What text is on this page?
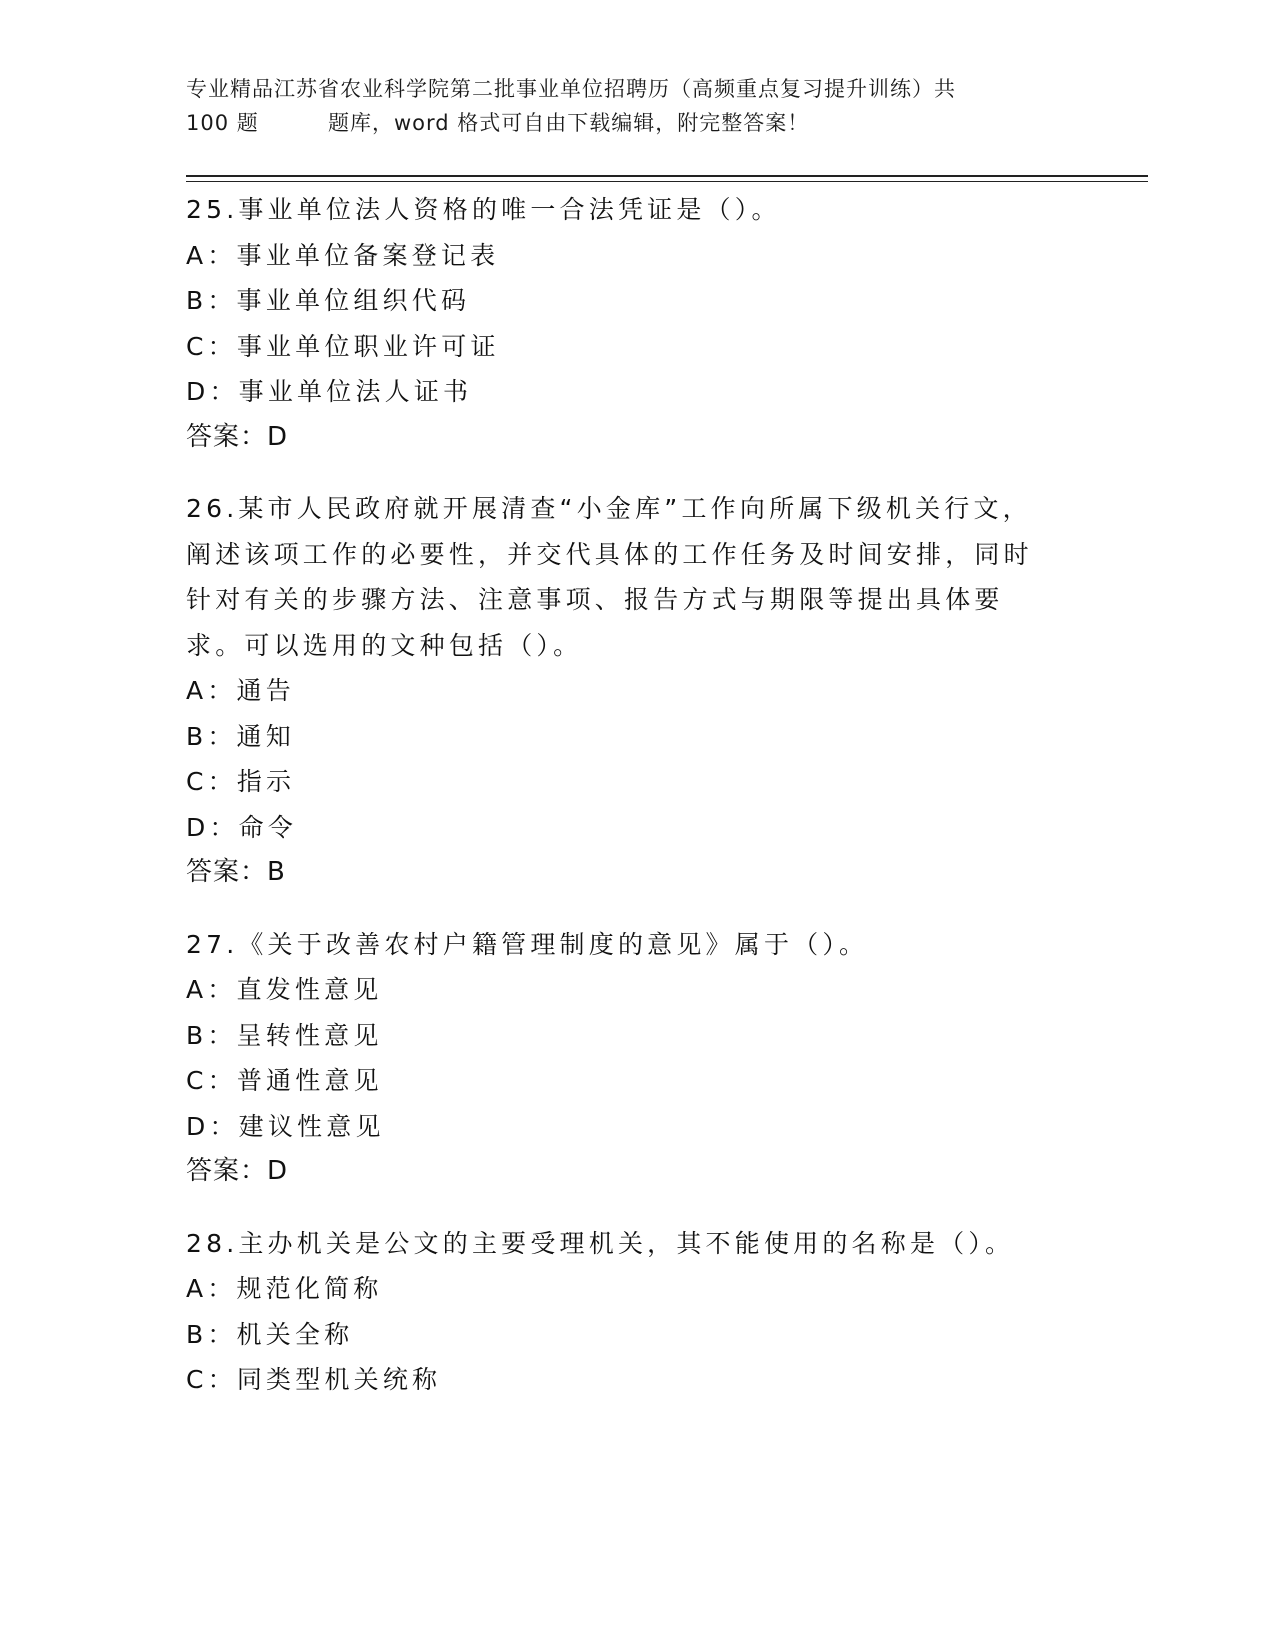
专业精品江苏省农业科学院第二批事业单位招聘历（高频重点复习提升训练）共
100 题	题库，word 格式可自由下载编辑，附完整答案！

25.事业单位法人资格的唯一合法凭证是（）。

A：事业单位备案登记表

B：事业单位组织代码

C：事业单位职业许可证

D：事业单位法人证书

答案：D

26.某市人民政府就开展清查“小金库”工作向所属下级机关行文，阐述该项工作的必要性，并交代具体的工作任务及时间安排，同时针对有关的步骤方法、注意事项、报告方式与期限等提出具体要求。可以选用的文种包括（）。

A：通告

B：通知

C：指示

D：命令

答案：B

27.《关于改善农村户籍管理制度的意见》属于（）。

A：直发性意见

B：呈转性意见

C：普通性意见

D：建议性意见

答案：D

28.主办机关是公文的主要受理机关，其不能使用的名称是（）。

A：规范化简称

B：机关全称

C：同类型机关统称
